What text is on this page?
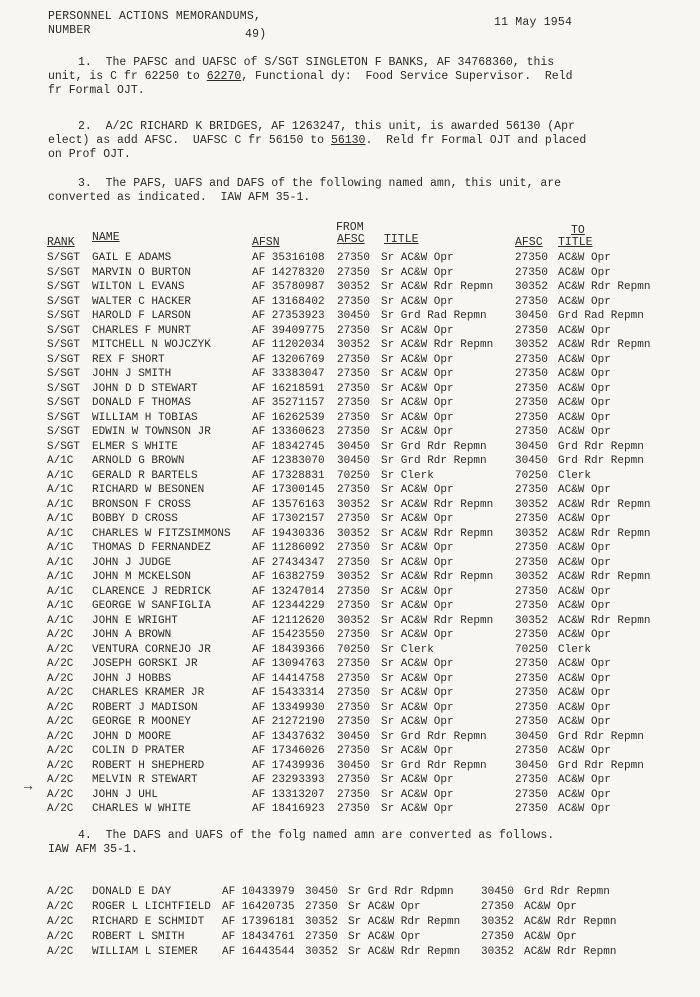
PERSONNEL ACTIONS MEMORANDUMS,
NUMBER	49)
11 May 1954
1.  The PAFSC and UAFSC of S/SGT SINGLETON F BANKS, AF 34768360, this unit, is C fr 62250 to 62270, Functional dy:  Food Service Supervisor.  Reld fr Formal OJT.
2.  A/2C RICHARD K BRIDGES, AF 1263247, this unit, is awarded 56130 (Apr elect) as add AFSC.  UAFSC C fr 56150 to 56130.  Reld fr Formal OJT and placed on Prof OJT.
3.  The PAFS, UAFS and DAFS of the following named amn, this unit, are converted as indicated.  IAW AFM 35-1.
FROM	TO
RANK NAME	AFSN	AFSC TITLE	AFSC TITLE
S/SGT GAIL E ADAMS	AF 35316108 27350 Sr AC&W Opr	27350 AC&W Opr
S/SGT MARVIN O BURTON	AF 14278320 27350 Sr AC&W Opr	27350 AC&W Opr
S/SGT WILTON L EVANS	AF 35780987 30352 Sr AC&W Rdr Repmn 30352 AC&W Rdr Repmn
S/SGT WALTER C HACKER	AF 13168402 27350 Sr AC&W Opr	27350 AC&W Opr
S/SGT HAROLD F LARSON	AF 27353923 30450 Sr Grd Rad Repmn	30450 Grd Rad Repmn
S/SGT CHARLES F MUNRT	AF 39409775 27350 Sr AC&W Opr	27350 AC&W Opr
S/SGT MITCHELL N WOJCZYK	AF 11202034 30352 Sr AC&W Rdr Repmn 30352 AC&W Rdr Repmn
S/SGT REX F SHORT	AF 13206769 27350 Sr AC&W Opr	27350 AC&W Opr
S/SGT JOHN J SMITH	AF 33383047 27350 Sr AC&W Opr	27350 AC&W Opr
S/SGT JOHN D D STEWART	AF 16218591 27350 Sr AC&W Opr	27350 AC&W Opr
S/SGT DONALD F THOMAS	AF 35271157 27350 Sr AC&W Opr	27350 AC&W Opr
S/SGT WILLIAM H TOBIAS	AF 16262539 27350 Sr AC&W Opr	27350 AC&W Opr
S/SGT EDWIN W TOWNSON JR	AF 13360623 27350 Sr AC&W Opr	27350 AC&W Opr
S/SGT ELMER S WHITE	AF 18342745 30450 Sr Grd Rdr Repmn	30450 Grd Rdr Repmn
A/1C ARNOLD G BROWN	AF 12383070 30450 Sr Grd Rdr Repmn	30450 Grd Rdr Repmn
A/1C GERALD R BARTELS	AF 17328831 70250 Sr Clerk	70250 Clerk
A/1C RICHARD W BESONEN	AF 17300145 27350 Sr AC&W Opr	27350 AC&W Opr
A/1C BRONSON F CROSS	AF 13576163 30352 Sr AC&W Rdr Repmn 30352 AC&W Rdr Repmn
A/1C BOBBY D CROSS	AF 17302157 27350 Sr AC&W Opr	27350 AC&W Opr
A/1C CHARLES W FITZSIMMONS AF 19430336 30352 Sr AC&W Rdr Repmn 30352 AC&W Rdr Repmn
A/1C THOMAS D FERNANDEZ	AF 11286092 27350 Sr AC&W Opr	27350 AC&W Opr
A/1C JOHN J JUDGE	AF 27434347 27350 Sr AC&W Opr	27350 AC&W Opr
A/1C JOHN M MCKELSON	AF 16382759 30352 Sr AC&W Rdr Repmn 30352 AC&W Rdr Repmn
A/1C CLARENCE J REDRICK	AF 13247014 27350 Sr AC&W Opr	27350 AC&W Opr
A/1C GEORGE W SANFIGLIA	AF 12344229 27350 Sr AC&W Opr	27350 AC&W Opr
A/1C JOHN E WRIGHT	AF 12112620 30352 Sr AC&W Rdr Repmn 30352 AC&W Rdr Repmn
A/2C JOHN A BROWN	AF 15423550 27350 Sr AC&W Opr	27350 AC&W Opr
A/2C VENTURA CORNEJO JR	AF 18439366 70250 Sr Clerk	70250 Clerk
A/2C JOSEPH GORSKI JR	AF 13094763 27350 Sr AC&W Opr	27350 AC&W Opr
A/2C JOHN J HOBBS	AF 14414758 27350 Sr AC&W Opr	27350 AC&W Opr
A/2C CHARLES KRAMER JR	AF 15433314 27350 Sr AC&W Opr	27350 AC&W Opr
A/2C ROBERT J MADISON	AF 13349930 27350 Sr AC&W Opr	27350 AC&W Opr
A/2C GEORGE R MOONEY	AF 21272190 27350 Sr AC&W Opr	27350 AC&W Opr
A/2C JOHN D MOORE	AF 13437632 30450 Sr Grd Rdr Repmn	30450 Grd Rdr Repmn
A/2C COLIN D PRATER	AF 17346026 27350 Sr AC&W Opr	27350 AC&W Opr
A/2C ROBERT H SHEPHERD	AF 17439936 30450 Sr Grd Rdr Repmn	30450 Grd Rdr Repmn
A/2C MELVIN R STEWART	AF 23293393 27350 Sr AC&W Opr	27350 AC&W Opr
A/2C JOHN J UHL	AF 13313207 27350 Sr AC&W Opr	27350 AC&W Opr
A/2C CHARLES W WHITE	AF 18416923 27350 Sr AC&W Opr	27350 AC&W Opr
→
4.  The DAFS and UAFS of the folg named amn are converted as follows.  IAW AFM 35-1.
A/2C DONALD E DAY	AF 10433979 30450 Sr Grd Rdr Rdpmn 30450 Grd Rdr Repmn
A/2C ROGER L LICHTFIELD AF 16420735 27350 Sr AC&W Opr	27350 AC&W Opr
A/2C RICHARD E SCHMIDT AF 17396181 30352 Sr AC&W Rdr Repmn 30352 AC&W Rdr Repmn
A/2C ROBERT L SMITH	AF 18434761 27350 Sr AC&W Opr	27350 AC&W Opr
A/2C WILLIAM L SIEMER AF 16443544 30352 Sr AC&W Rdr Repmn 30352 AC&W Rdr Repmn
